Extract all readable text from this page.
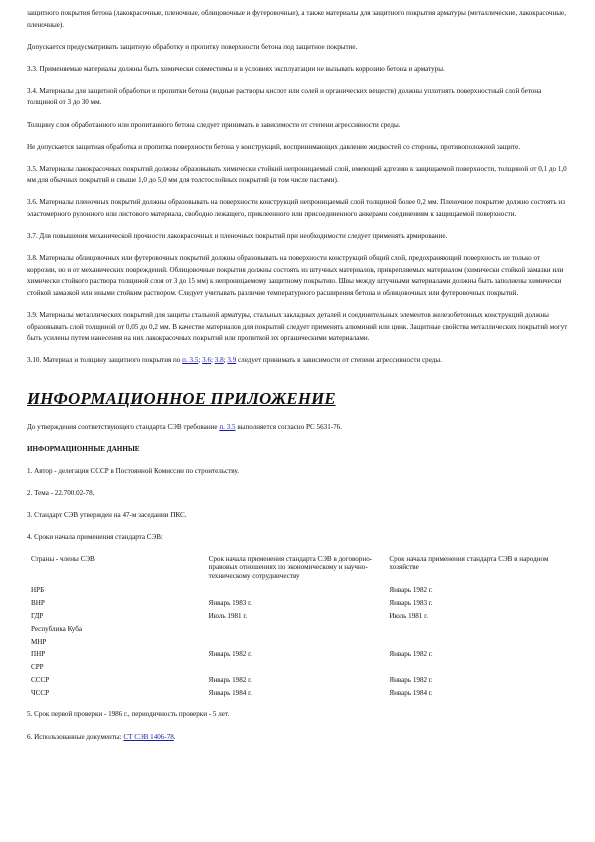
защитного покрытия бетона (лакокрасочные, пленочные, облицовочные и футеровочные), а также материалы для защитного покрытия арматуры (металлические, лакокрасочные, пленочные).

Допускается предусматривать защитную обработку и пропитку поверхности бетона под защитное покрытие.

3.3. Применяемые материалы должны быть химически совместимы и в условиях эксплуатации не вызывать коррозию бетона и арматуры.

3.4. Материалы для защитной обработки и пропитки бетона (водные растворы кислот или солей и органических веществ) должны уплотнять поверхностный слой бетона толщиной от 3 до 30 мм.

Толщину слоя обработанного или пропитанного бетона следует принимать в зависимости от степени агрессивности среды.

Не допускается защитная обработка и пропитка поверхности бетона у конструкций, воспринимающих давление жидкостей со стороны, противоположной защите.

3.5. Материалы лакокрасочных покрытий должны образовывать химически стойкий непроницаемый слой, имеющий адгезию к защищаемой поверхности, толщиной от 0,1 до 1,0 мм для обычных покрытий и свыше 1,0 до 5,0 мм для толстослойных покрытий (в том числе пастами).

3.6. Материалы пленочных покрытий должны образовывать на поверхности конструкций непроницаемый слой толщиной более 0,2 мм. Пленочное покрытие должно состоять из эластомерного рулонного или листового материала, свободно лежащего, приклеенного или присоединенного анкерами соединениям к защищаемой поверхности.

3.7. Для повышения механической прочности лакокрасочных и пленочных покрытий при необходимости следует применять армирование.

3.8. Материалы облицовочных или футеровочных покрытий должны образовывать на поверхности конструкций общий слой, предохраняющий поверхность не только от коррозии, но и от механических повреждений. Облицовочные покрытия должны состоять из штучных материалов, прикрепляемых материалом (химически стойкой замазки или химически стойкого раствора толщиной слоя от 3 до 15 мм) к непроницаемому защитному покрытию. Швы между штучными материалами должны быть заполнены химически стойкой замазкой или иными стойким раствором. Следует учитывать различие температурного расширения бетона и облицовочных или футеровочных покрытий.

3.9. Материалы металлических покрытий для защиты стальной арматуры, стальных закладных деталей и соединительных элементов железобетонных конструкций должны образовывать слой толщиной от 0,05 до 0,2 мм. В качестве материалов для покрытий следует применять алюминий или цинк. Защитные свойства металлических покрытий могут быть усилены путем нанесения на них лакокрасочных покрытий или пропиткой их органическими материалами.

3.10. Материал и толщину защитного покрытия по п. 3.5; 3.6; 3.8; 3.9 следует принимать в зависимости от степени агрессивности среды.

ИНФОРМАЦИОННОЕ ПРИЛОЖЕНИЕ

До утверждения соответствующего стандарта СЭВ требование п. 3.5 выполняется согласно РС 5631-76.

ИНФОРМАЦИОННЫЕ ДАННЫЕ

1. Автор - делегация СССР в Постоянной Комиссии по строительству.

2. Тема - 22.700.02-78.

3. Стандарт СЭВ утвержден на 47-м заседании ПКС.

4. Сроки начала применения стандарта СЭВ:

Страны - члены СЭВ	Срок начала применения стандарта СЭВ в договорно-правовых отношениях по экономическому и научно-техническому сотрудничеству	Срок начала применения стандарта СЭВ в народном хозяйстве
НРБ		Январь 1982 г.
ВНР	Январь 1983 г.	Январь 1983 г.
ГДР	Июль 1981 г.	Июль 1981 г.
Республика Куба		
МНР		
ПНР	Январь 1982 г.	Январь 1982 г.
СРР		
СССР	Январь 1982 г.	Январь 1982 г.
ЧССР	Январь 1984 г.	Январь 1984 г.

5. Срок первой проверки - 1986 г., периодичность проверки - 5 лет.

6. Использованные документы: СТ СЭВ 1406-78.
